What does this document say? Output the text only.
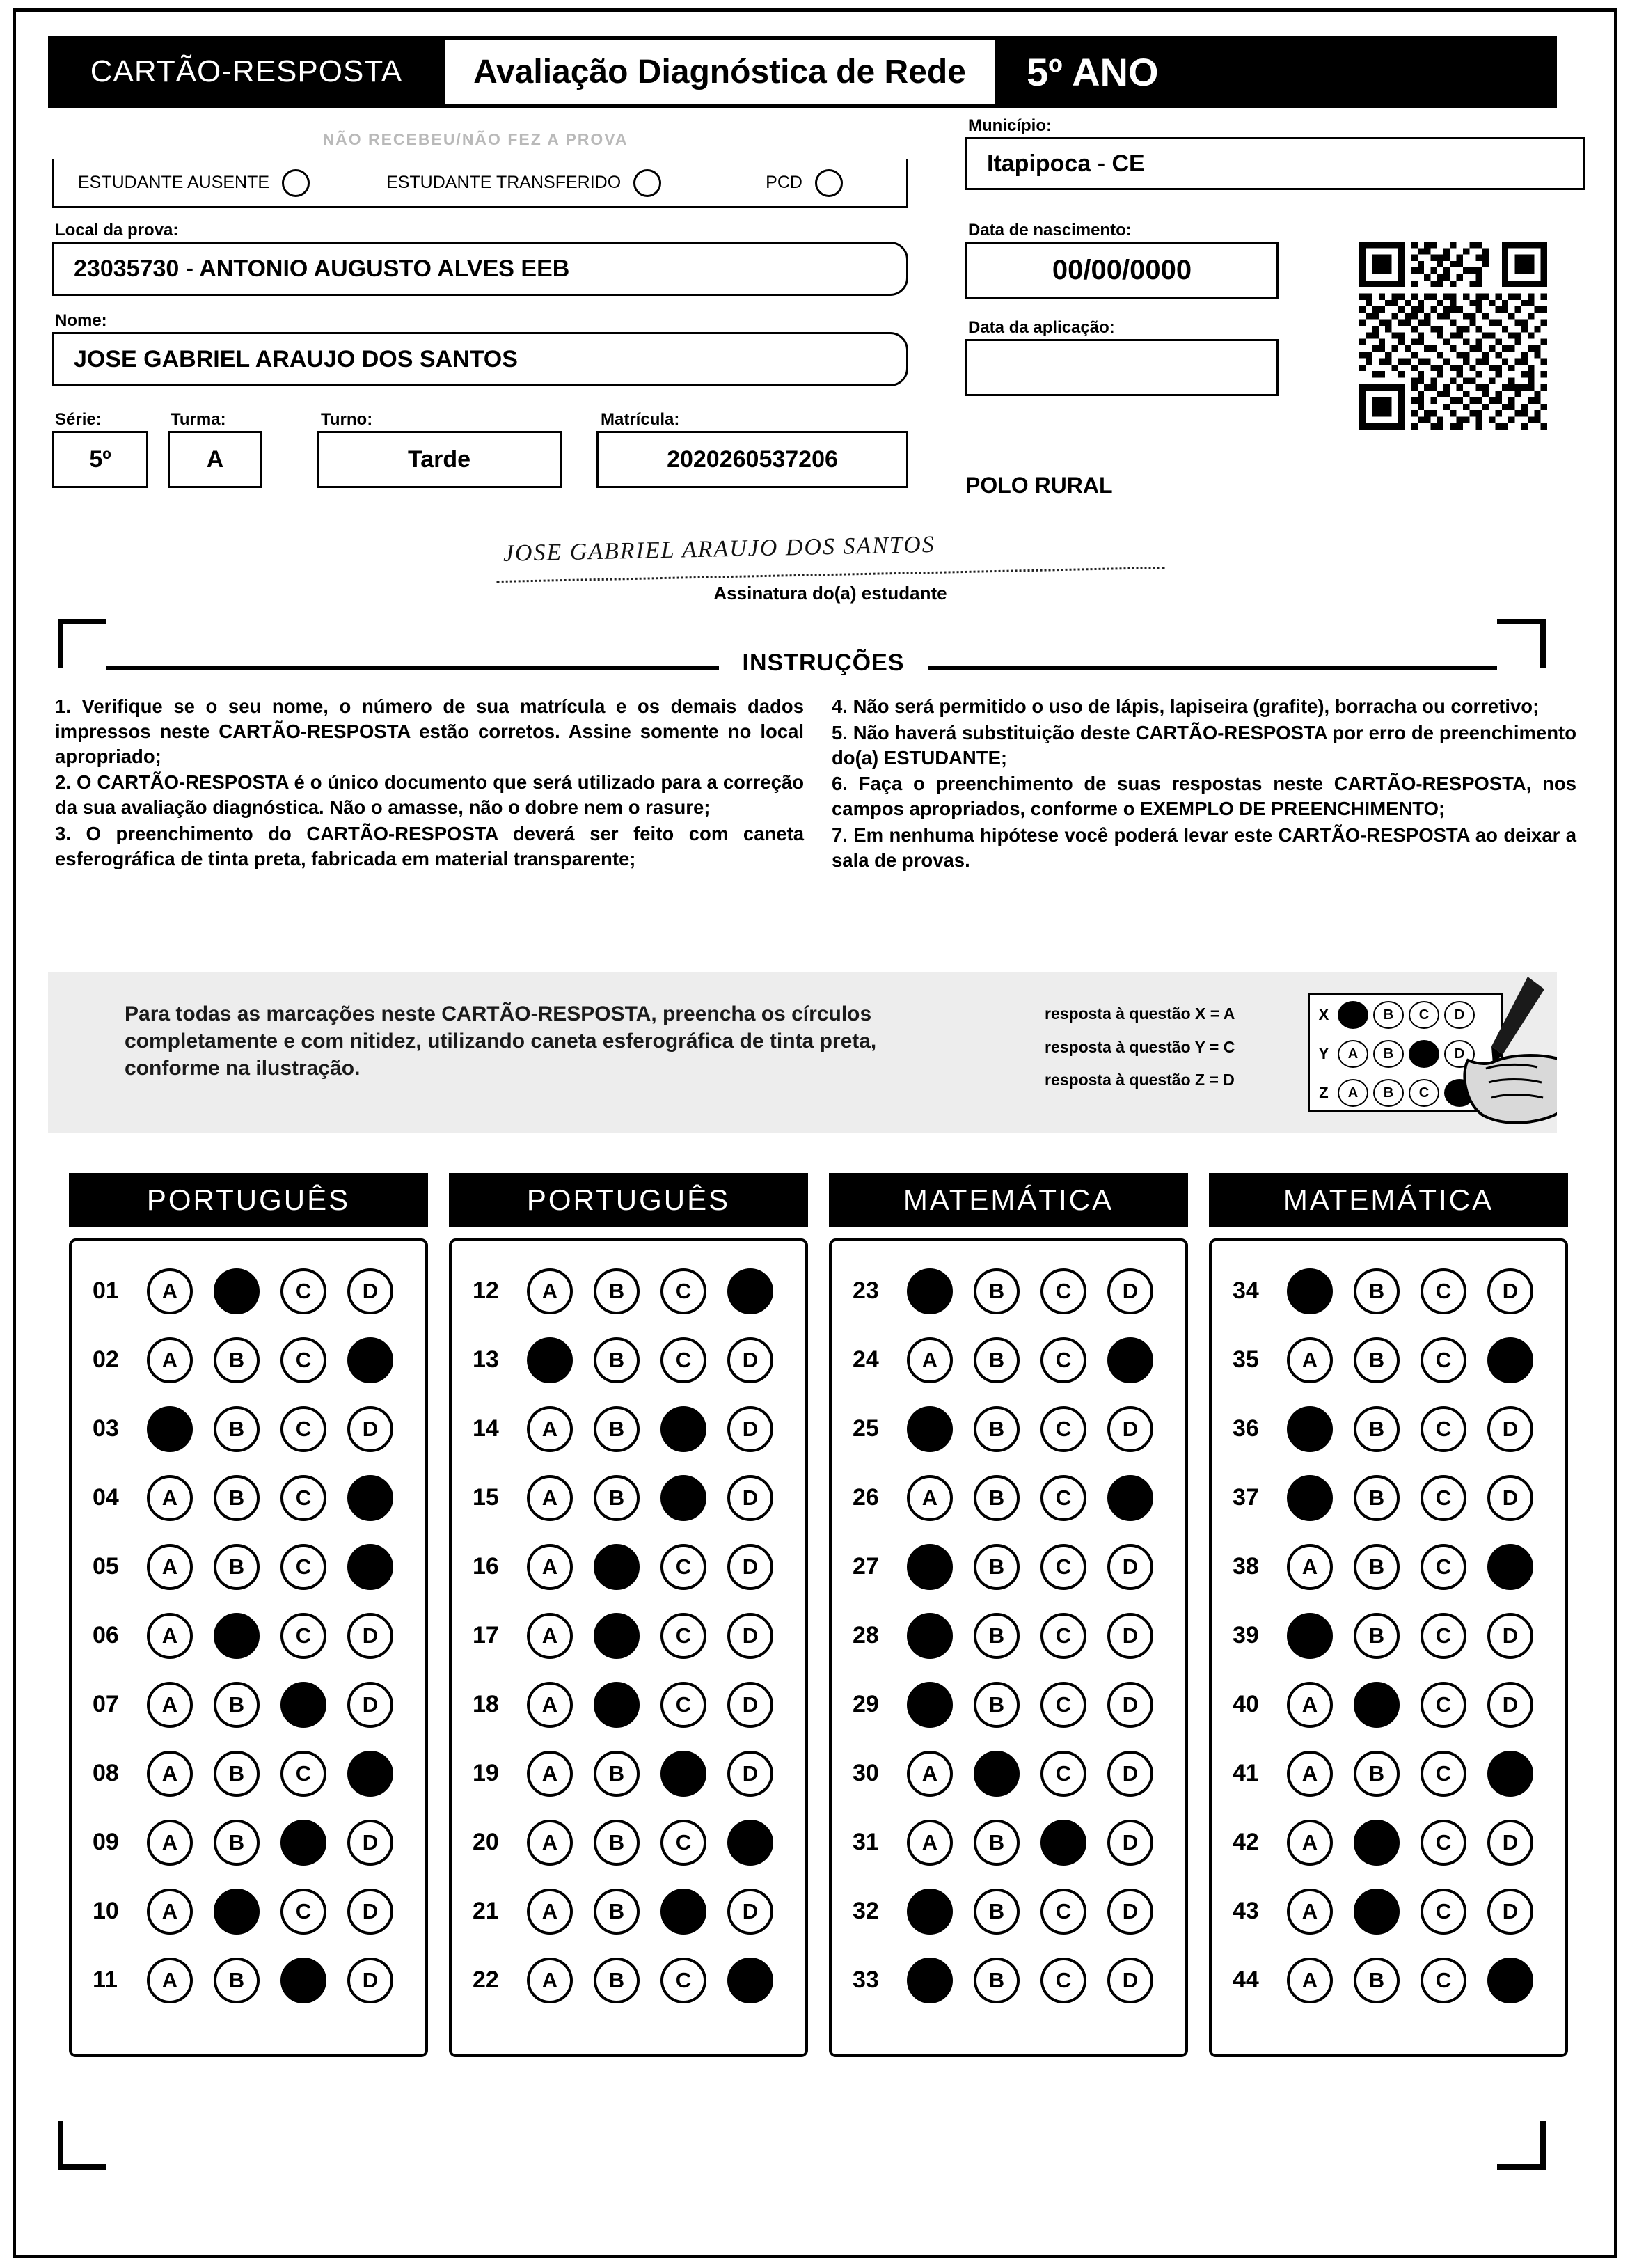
CARTÃO-RESPOSTA	Avaliação Diagnóstica de Rede	5º ANO
NÃO RECEBEU/NÃO FEZ A PROVA
ESTUDANTE AUSENTE	ESTUDANTE TRANSFERIDO	PCD
Local da prova:
23035730 - ANTONIO AUGUSTO ALVES EEB
Nome:
JOSE GABRIEL ARAUJO DOS SANTOS
Série:
5º
Turma:
A
Turno:
Tarde
Matrícula:
2020260537206
Município:
Itapipoca - CE
Data de nascimento:
00/00/0000
Data da aplicação:
POLO RURAL
JOSE GABRIEL ARAUJO DOS SANTOS
Assinatura do(a) estudante
INSTRUÇÕES

1. Verifique se o seu nome, o número de sua matrícula e os demais dados impressos neste CARTÃO-RESPOSTA estão corretos. Assine somente no local apropriado;

2. O CARTÃO-RESPOSTA é o único documento que será utilizado para a correção da sua avaliação diagnóstica. Não o amasse, não o dobre nem o rasure;

3. O preenchimento do CARTÃO-RESPOSTA deverá ser feito com caneta esferográfica de tinta preta, fabricada em material transparente;

4. Não será permitido o uso de lápis, lapiseira (grafite), borracha ou corretivo;

5. Não haverá substituição deste CARTÃO-RESPOSTA por erro de preenchimento do(a) ESTUDANTE;

6. Faça o preenchimento de suas respostas neste CARTÃO-RESPOSTA, nos campos apropriados, conforme o EXEMPLO DE PREENCHIMENTO;

7. Em nenhuma hipótese você poderá levar este CARTÃO-RESPOSTA ao deixar a sala de provas.

Para todas as marcações neste CARTÃO-RESPOSTA, preencha os círculos completamente e com nitidez, utilizando caneta esferográfica de tinta preta, conforme na ilustração.
resposta à questão X = A
resposta à questão Y = C
resposta à questão Z = D
X	A	B	C	D
Y	A	B	C	D
Z	A	B	C	D
PORTUGUÊS
01	A	B	C	D
02	A	B	C	D
03	A	B	C	D
04	A	B	C	D
05	A	B	C	D
06	A	B	C	D
07	A	B	C	D
08	A	B	C	D
09	A	B	C	D
10	A	B	C	D
11	A	B	C	D
PORTUGUÊS
12	A	B	C	D
13	A	B	C	D
14	A	B	C	D
15	A	B	C	D
16	A	B	C	D
17	A	B	C	D
18	A	B	C	D
19	A	B	C	D
20	A	B	C	D
21	A	B	C	D
22	A	B	C	D
MATEMÁTICA
23	A	B	C	D
24	A	B	C	D
25	A	B	C	D
26	A	B	C	D
27	A	B	C	D
28	A	B	C	D
29	A	B	C	D
30	A	B	C	D
31	A	B	C	D
32	A	B	C	D
33	A	B	C	D
MATEMÁTICA
34	A	B	C	D
35	A	B	C	D
36	A	B	C	D
37	A	B	C	D
38	A	B	C	D
39	A	B	C	D
40	A	B	C	D
41	A	B	C	D
42	A	B	C	D
43	A	B	C	D
44	A	B	C	D
